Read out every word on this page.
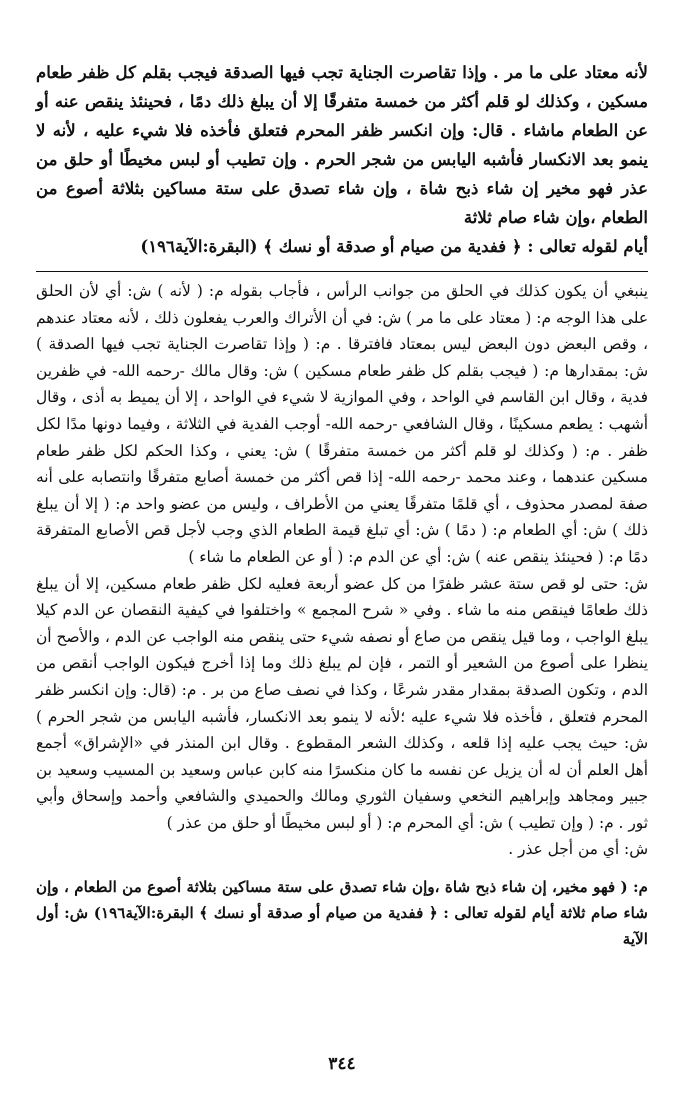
لأنه معتاد على ما مر . وإذا تقاصرت الجناية تجب فيها الصدقة فيجب بقلم كل ظفر طعام مسكين ، وكذلك لو قلم أكثر من خمسة متفرقًا إلا أن يبلغ ذلك دمًا ، فحينئذ ينقص عنه أو عن الطعام ماشاء . قال: وإن انكسر ظفر المحرم فتعلق فأخذه فلا شيء عليه ، لأنه لا ينمو بعد الانكسار فأشبه اليابس من شجر الحرم . وإن تطيب أو لبس مخيطًا أو حلق من عذر فهو مخير إن شاء ذبح شاة ، وإن شاء تصدق على ستة مساكين بثلاثة أصوع من الطعام ،وإن شاء صام ثلاثة
أيام لقوله تعالى : ﴿ ففدية من صيام أو صدقة أو نسك ﴾ (البقرة:الآية١٩٦)

ينبغي أن يكون كذلك في الحلق من جوانب الرأس ، فأجاب بقوله م: ( لأنه ) ش: أي لأن الحلق على هذا الوجه م: ( معتاد على ما مر ) ش: في أن الأتراك والعرب يفعلون ذلك ، لأنه معتاد عندهم ، وقص البعض دون البعض ليس بمعتاد فافترقا . م: ( وإذا تقاصرت الجناية تجب فيها الصدقة ) ش: بمقدارها م: ( فيجب بقلم كل ظفر طعام مسكين ) ش: وقال مالك -رحمه الله- في ظفرين فدية ، وقال ابن القاسم في الواحد ، وفي الموازية لا شيء في الواحد ، إلا أن يميط به أذى ، وقال أشهب : يطعم مسكينًا ، وقال الشافعي -رحمه الله- أوجب الفدية في الثلاثة ، وفيما دونها مدًا لكل ظفر . م: ( وكذلك لو قلم أكثر من خمسة متفرقًا ) ش: يعني ، وكذا الحكم لكل ظفر طعام مسكين عندهما ، وعند محمد -رحمه الله- إذا قص أكثر من خمسة أصابع متفرقًا وانتصابه على أنه صفة لمصدر محذوف ، أي قلمًا متفرقًا يعني من الأطراف ، وليس من عضو واحد م: ( إلا أن يبلغ ذلك ) ش: أي الطعام م: ( دمًا ) ش: أي تبلغ قيمة الطعام الذي وجب لأجل قص الأصابع المتفرقة دمًا م: ( فحينئذ ينقص عنه ) ش: أي عن الدم م: ( أو عن الطعام ما شاء )

ش: حتى لو قص ستة عشر ظفرًا من كل عضو أربعة فعليه لكل ظفر طعام مسكين، إلا أن يبلغ ذلك طعامًا فينقص منه ما شاء . وفي « شرح المجمع » واختلفوا في كيفية النقصان عن الدم كيلا يبلغ الواجب ، وما قيل ينقص من صاع أو نصفه شيء حتى ينقص منه الواجب عن الدم ، والأصح أن ينظرا على أصوع من الشعير أو التمر ، فإن لم يبلغ ذلك وما إذا أخرج فيكون الواجب أنقص من الدم ، وتكون الصدقة بمقدار مقدر شرعًا ، وكذا في نصف صاع من بر . م: (قال: وإن انكسر ظفر المحرم فتعلق ، فأخذه فلا شيء عليه ؛لأنه لا ينمو بعد الانكسار، فأشبه اليابس من شجر الحرم ) ش: حيث يجب عليه إذا قلعه ، وكذلك الشعر المقطوع . وقال ابن المنذر في «الإشراق» أجمع أهل العلم أن له أن يزيل عن نفسه ما كان منكسرًا منه كابن عباس وسعيد بن المسيب وسعيد بن جبير ومجاهد وإبراهيم النخعي وسفيان الثوري ومالك والحميدي والشافعي وأحمد وإسحاق وأبي ثور . م: ( وإن تطيب ) ش: أي المحرم م: ( أو لبس مخيطًا أو حلق من عذر )

ش: أي من أجل عذر .

م: ( فهو مخير، إن شاء ذبح شاة ،وإن شاء تصدق على ستة مساكين بثلاثة أصوع من الطعام ، وإن شاء صام ثلاثة أيام لقوله تعالى : ﴿ ففدية من صيام أو صدقة أو نسك ﴾ البقرة:الآية١٩٦) ش: أول الآية
٣٤٤
